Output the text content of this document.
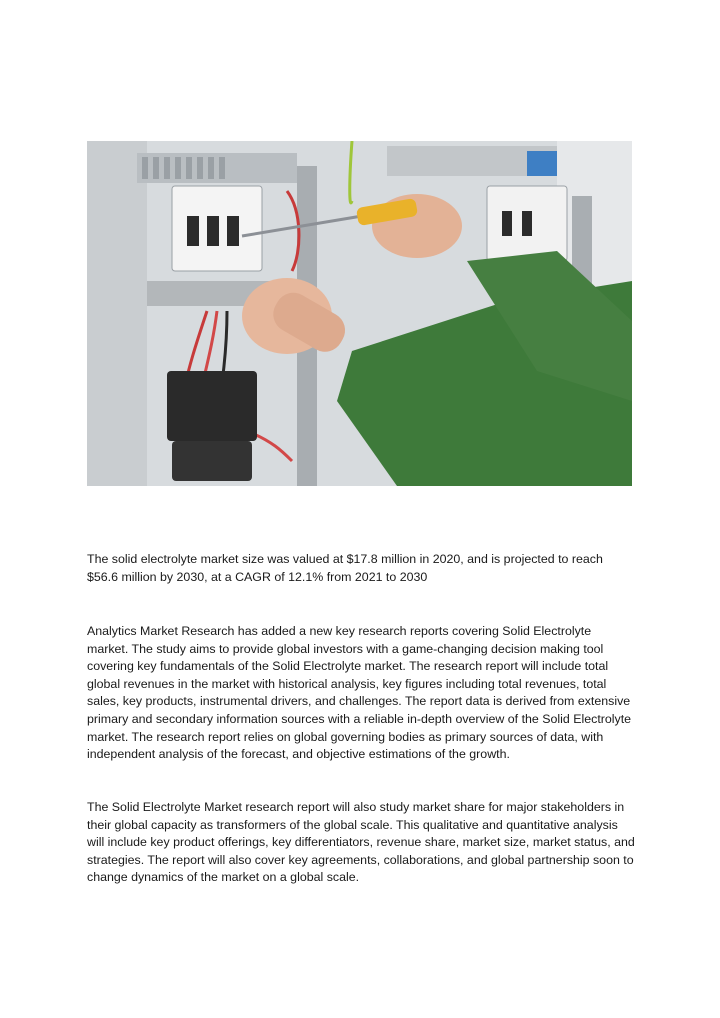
The solid electrolyte market size was valued at $17.8 million in 2020, and is projected to reach $56.6 million by 2030, at a CAGR of 12.1% from 2021 to 2030

Analytics Market Research has added a new key research reports covering Solid Electrolyte market. The study aims to provide global investors with a game-changing decision making tool covering key fundamentals of the Solid Electrolyte market. The research report will include total global revenues in the market with historical analysis, key figures including total revenues, total sales, key products, instrumental drivers, and challenges. The report data is derived from extensive primary and secondary information sources with a reliable in-depth overview of the Solid Electrolyte market. The research report relies on global governing bodies as primary sources of data, with independent analysis of the forecast, and objective estimations of the growth.

The Solid Electrolyte Market research report will also study market share for major stakeholders in their global capacity as transformers of the global scale. This qualitative and quantitative analysis will include key product offerings, key differentiators, revenue share, market size, market status, and strategies. The report will also cover key agreements, collaborations, and global partnership soon to change dynamics of the market on a global scale.
